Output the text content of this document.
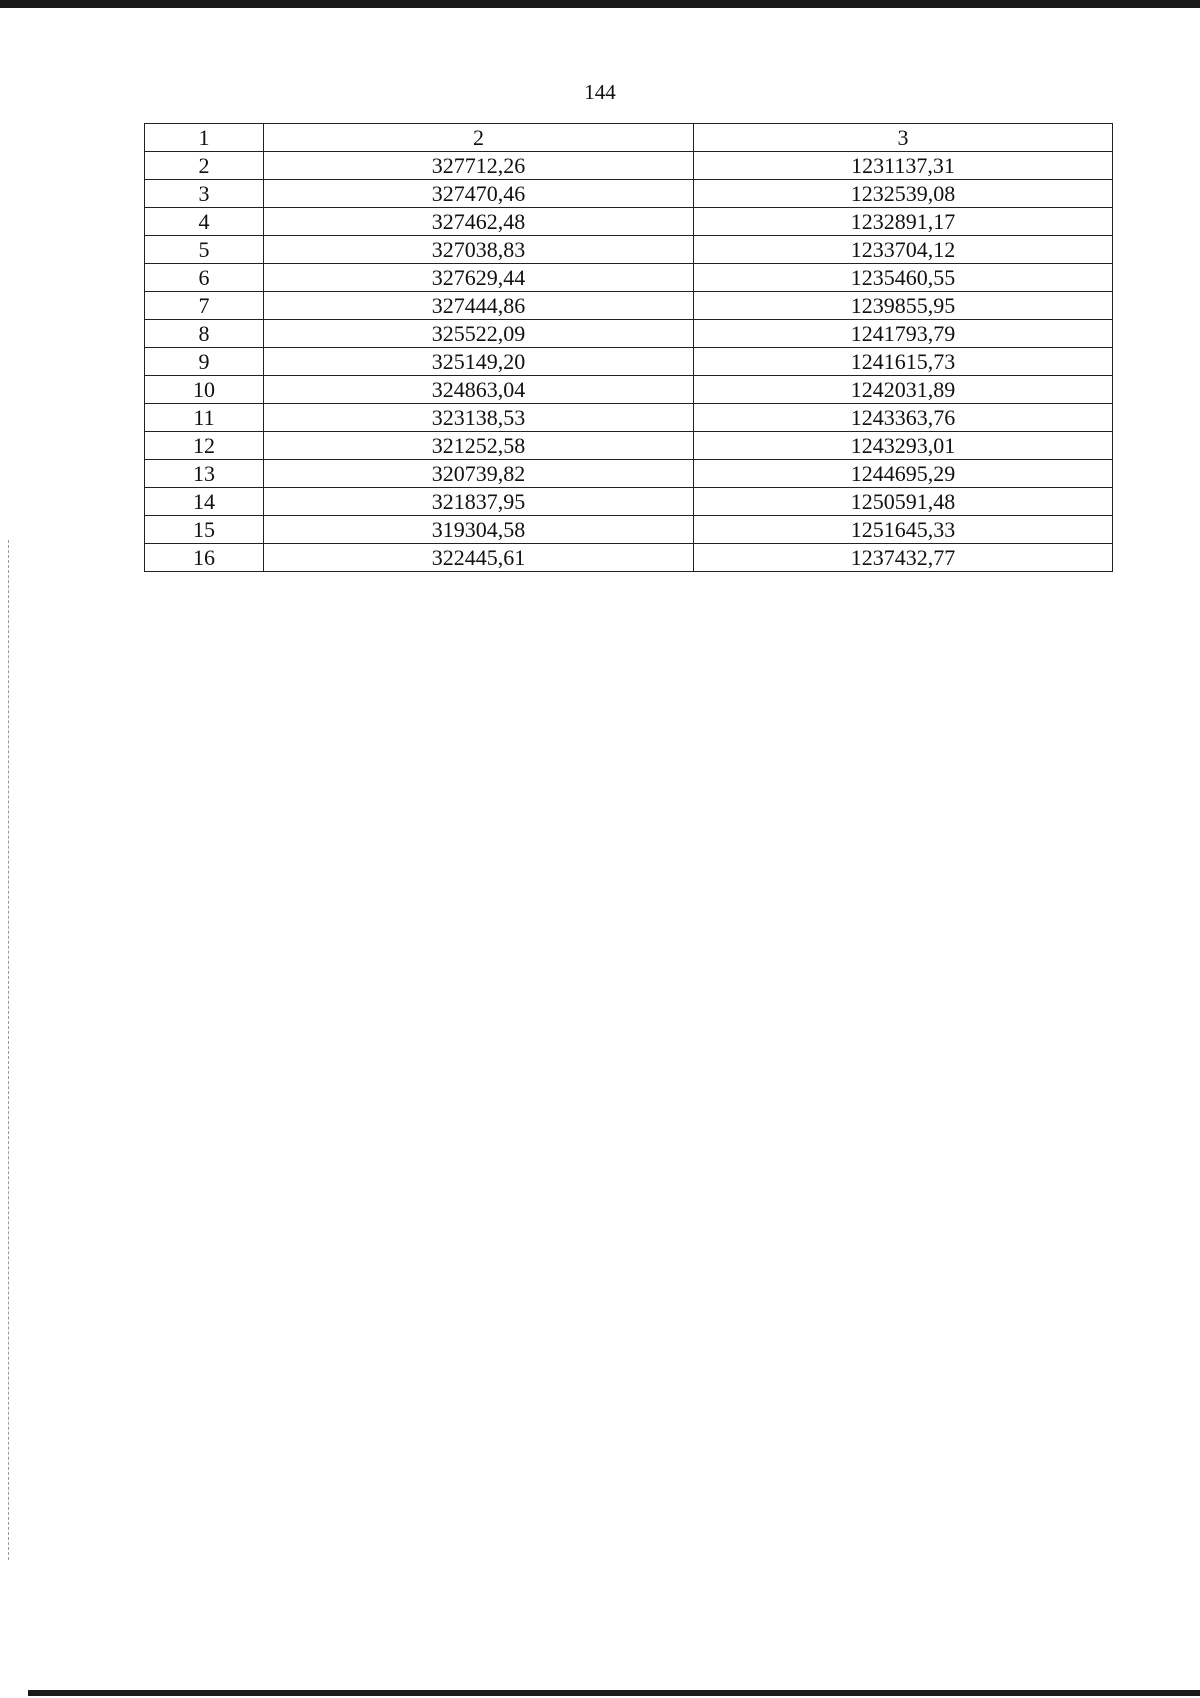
144
1	2	3
2	327712,26	1231137,31
3	327470,46	1232539,08
4	327462,48	1232891,17
5	327038,83	1233704,12
6	327629,44	1235460,55
7	327444,86	1239855,95
8	325522,09	1241793,79
9	325149,20	1241615,73
10	324863,04	1242031,89
11	323138,53	1243363,76
12	321252,58	1243293,01
13	320739,82	1244695,29
14	321837,95	1250591,48
15	319304,58	1251645,33
16	322445,61	1237432,77
